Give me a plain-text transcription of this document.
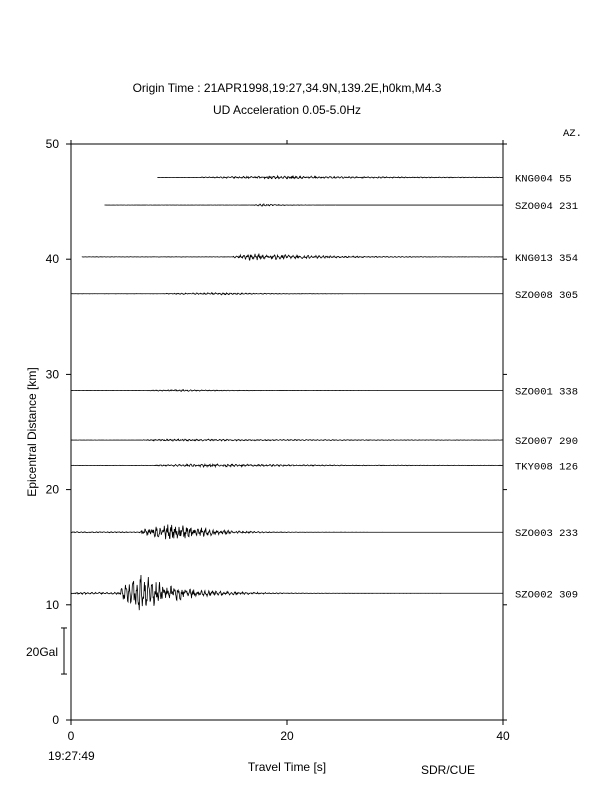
Origin Time : 21APR1998,19:27,34.9N,139.2E,h0km,M4.3
UD Acceleration 0.05-5.0Hz
AZ.
0
10
20
30
40
50
0	20	40
KNG004 55
SZO004 231
KNG013 354
SZO008 305
SZO001 338
SZO007 290
TKY008 126
SZO003 233
SZO002 309
20Gal
Travel Time [s]
Epicentral Distance [km]
19:27:49
SDR/CUE
